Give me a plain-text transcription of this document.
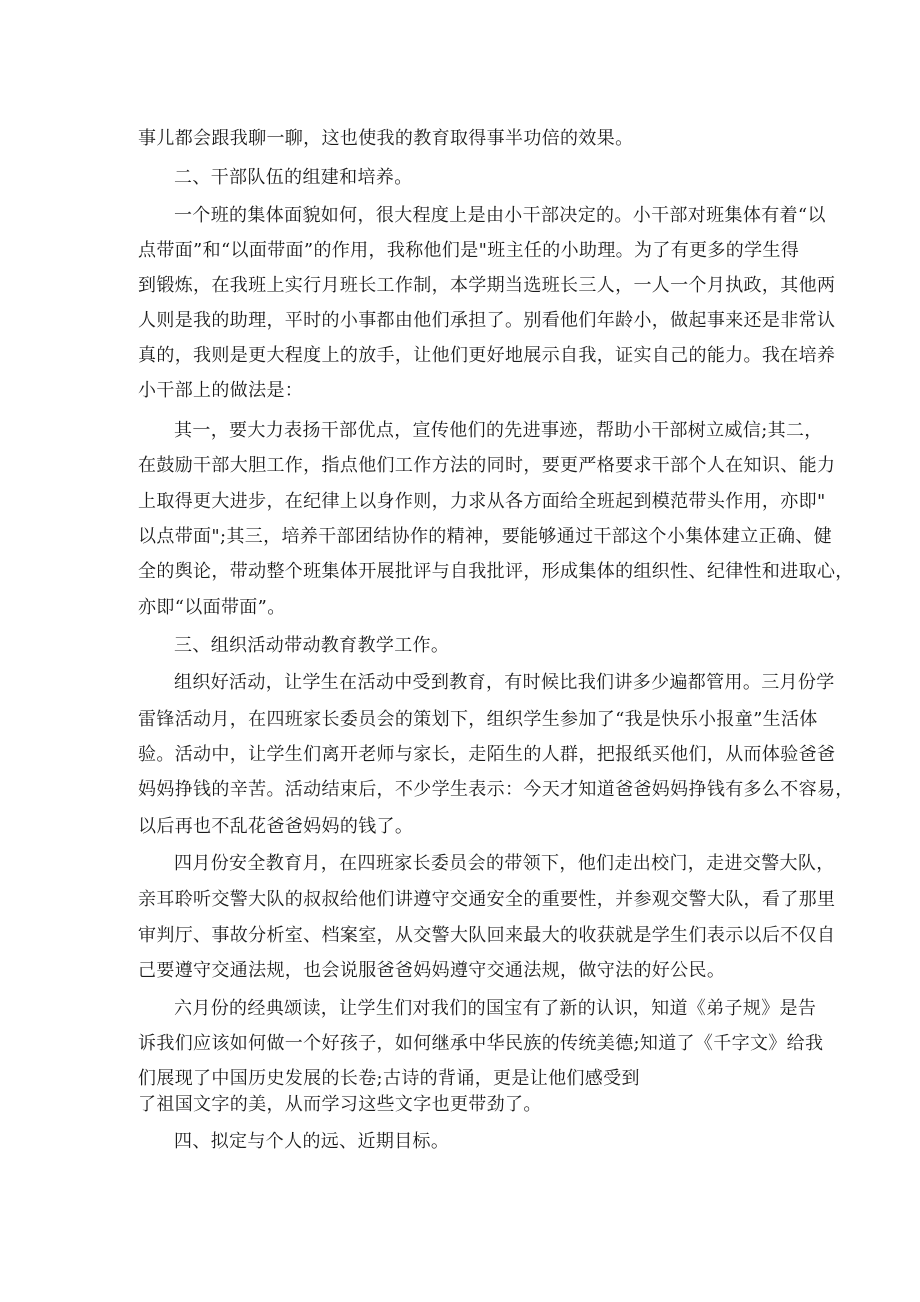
事儿都会跟我聊一聊，这也使我的教育取得事半功倍的效果。
二、干部队伍的组建和培养。
一个班的集体面貌如何，很大程度上是由小干部决定的。小干部对班集体有着“以
点带面”和“以面带面”的作用，我称他们是"班主任的小助理。为了有更多的学生得
到锻炼，在我班上实行月班长工作制，本学期当选班长三人，一人一个月执政，其他两
人则是我的助理，平时的小事都由他们承担了。别看他们年龄小，做起事来还是非常认
真的，我则是更大程度上的放手，让他们更好地展示自我，证实自己的能力。我在培养
小干部上的做法是：
其一，要大力表扬干部优点，宣传他们的先进事迹，帮助小干部树立威信;其二，
在鼓励干部大胆工作，指点他们工作方法的同时，要更严格要求干部个人在知识、能力
上取得更大进步，在纪律上以身作则，力求从各方面给全班起到模范带头作用，亦即"
以点带面";其三，培养干部团结协作的精神，要能够通过干部这个小集体建立正确、健
全的舆论，带动整个班集体开展批评与自我批评，形成集体的组织性、纪律性和进取心，
亦即“以面带面”。
三、组织活动带动教育教学工作。
组织好活动，让学生在活动中受到教育，有时候比我们讲多少遍都管用。三月份学
雷锋活动月，在四班家长委员会的策划下，组织学生参加了“我是快乐小报童”生活体
验。活动中，让学生们离开老师与家长，走陌生的人群，把报纸买他们，从而体验爸爸
妈妈挣钱的辛苦。活动结束后，不少学生表示：今天才知道爸爸妈妈挣钱有多么不容易，
以后再也不乱花爸爸妈妈的钱了。
四月份安全教育月，在四班家长委员会的带领下，他们走出校门，走进交警大队，
亲耳聆听交警大队的叔叔给他们讲遵守交通安全的重要性，并参观交警大队，看了那里
审判厅、事故分析室、档案室，从交警大队回来最大的收获就是学生们表示以后不仅自
己要遵守交通法规，也会说服爸爸妈妈遵守交通法规，做守法的好公民。
六月份的经典颂读，让学生们对我们的国宝有了新的认识，知道《弟子规》是告
诉我们应该如何做一个好孩子，如何继承中华民族的传统美德;知道了《千字文》给我
们展现了中国历史发展的长卷;古诗的背诵，更是让他们感受到
了祖国文字的美，从而学习这些文字也更带劲了。
四、拟定与个人的远、近期目标。
